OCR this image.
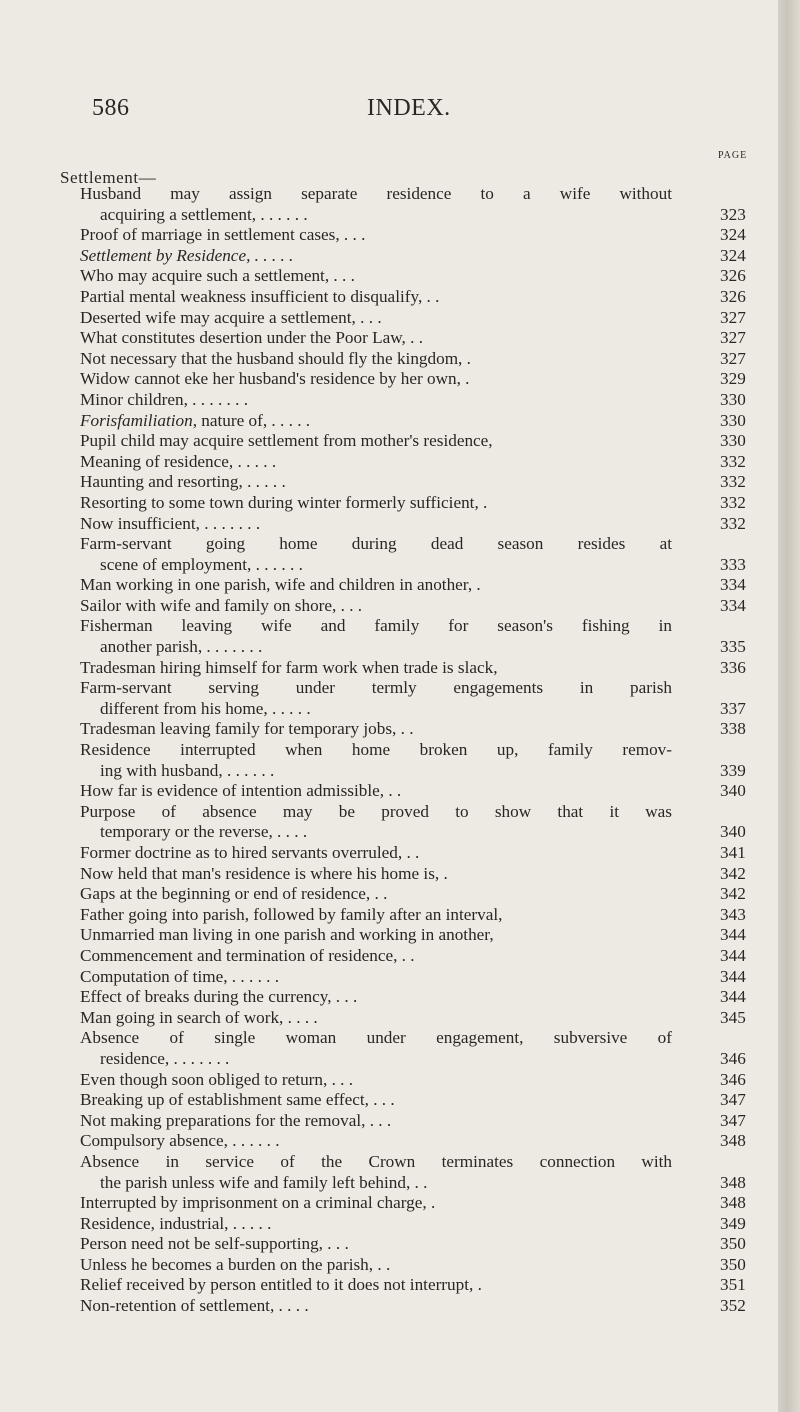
586	INDEX.
PAGE
Settlement—
Husband may assign separate residence to a wife without
acquiring a settlement, . . . . . .	323
Proof of marriage in settlement cases, . . .	324
Settlement by Residence, . . . . .	324
Who may acquire such a settlement, . . .	326
Partial mental weakness insufficient to disqualify, . .	326
Deserted wife may acquire a settlement, . . .	327
What constitutes desertion under the Poor Law, . .	327
Not necessary that the husband should fly the kingdom, .	327
Widow cannot eke her husband's residence by her own, .	329
Minor children, . . . . . . .	330
Forisfamiliation, nature of, . . . . .	330
Pupil child may acquire settlement from mother's residence,	330
Meaning of residence, . . . . .	332
Haunting and resorting, . . . . .	332
Resorting to some town during winter formerly sufficient, .	332
Now insufficient, . . . . . . .	332
Farm-servant going home during dead season resides at
scene of employment, . . . . . .	333
Man working in one parish, wife and children in another, .	334
Sailor with wife and family on shore, . . .	334
Fisherman leaving wife and family for season's fishing in
another parish, . . . . . . .	335
Tradesman hiring himself for farm work when trade is slack,	336
Farm-servant serving under termly engagements in parish
different from his home, . . . . .	337
Tradesman leaving family for temporary jobs, . .	338
Residence interrupted when home broken up, family remov-
ing with husband, . . . . . .	339
How far is evidence of intention admissible, . .	340
Purpose of absence may be proved to show that it was
temporary or the reverse, . . . .	340
Former doctrine as to hired servants overruled, . .	341
Now held that man's residence is where his home is, .	342
Gaps at the beginning or end of residence, . .	342
Father going into parish, followed by family after an interval,	343
Unmarried man living in one parish and working in another,	344
Commencement and termination of residence, . .	344
Computation of time, . . . . . .	344
Effect of breaks during the currency, . . .	344
Man going in search of work, . . . .	345
Absence of single woman under engagement, subversive of
residence, . . . . . . .	346
Even though soon obliged to return, . . .	346
Breaking up of establishment same effect, . . .	347
Not making preparations for the removal, . . .	347
Compulsory absence, . . . . . .	348
Absence in service of the Crown terminates connection with
the parish unless wife and family left behind, . .	348
Interrupted by imprisonment on a criminal charge, .	348
Residence, industrial, . . . . .	349
Person need not be self-supporting, . . .	350
Unless he becomes a burden on the parish, . .	350
Relief received by person entitled to it does not interrupt, .	351
Non-retention of settlement, . . . .	352
